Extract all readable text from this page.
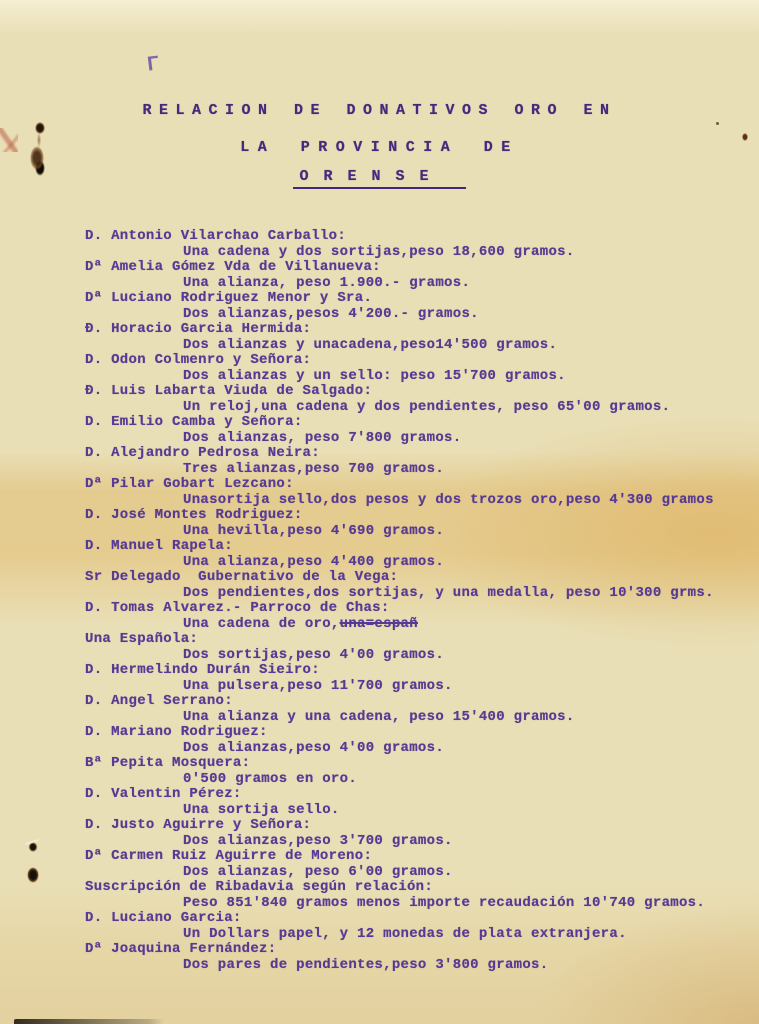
Γ
RELACION DE DONATIVOS ORO EN
LA PROVINCIA DE
ORENSE
D. Antonio Vilarchao Carballo:
Una cadena y dos sortijas,peso 18,600 gramos.
Dª Amelia Gómez Vda de Villanueva:
Una alianza, peso 1.900.- gramos.
Dª Luciano Rodriguez Menor y Sra.
Dos alianzas,pesos 4'200.- gramos.
Ð. Horacio Garcia Hermida:
Dos alianzas y unacadena,peso14'500 gramos.
D. Odon Colmenro y Señora:
Dos alianzas y un sello: peso 15'700 gramos.
Ð. Luis Labarta Viuda de Salgado:
Un reloj,una cadena y dos pendientes, peso 65'00 gramos.
D. Emilio Camba y Señora:
Dos alianzas, peso 7'800 gramos.
D. Alejandro Pedrosa Neira:
Tres alianzas,peso 700 gramos.
Dª Pilar Gobart Lezcano:
Unasortija sello,dos pesos y dos trozos oro,peso 4'300 gramos
D. José Montes Rodriguez:
Una hevilla,peso 4'690 gramos.
D. Manuel Rapela:
Una alianza,peso 4'400 gramos.
Sr Delegado  Gubernativo de la Vega:
Dos pendientes,dos sortijas, y una medalla, peso 10'300 grms.
D. Tomas Alvarez.- Parroco de Chas:
Una cadena de oro,una=españ
Una Española:
Dos sortijas,peso 4'00 gramos.
D. Hermelindo Durán Sieiro:
Una pulsera,peso 11'700 gramos.
D. Angel Serrano:
Una alianza y una cadena, peso 15'400 gramos.
D. Mariano Rodriguez:
Dos alianzas,peso 4'00 gramos.
Bª Pepita Mosquera:
0'500 gramos en oro.
D. Valentin Pérez:
Una sortija sello.
D. Justo Aguirre y Señora:
Dos alianzas,peso 3'700 gramos.
Dª Carmen Ruiz Aguirre de Moreno:
Dos alianzas, peso 6'00 gramos.
Suscripción de Ribadavia según relación:
Peso 851'840 gramos menos importe recaudación 10'740 gramos.
D. Luciano Garcia:
Un Dollars papel, y 12 monedas de plata extranjera.
Dª Joaquina Fernández:
Dos pares de pendientes,peso 3'800 gramos.
